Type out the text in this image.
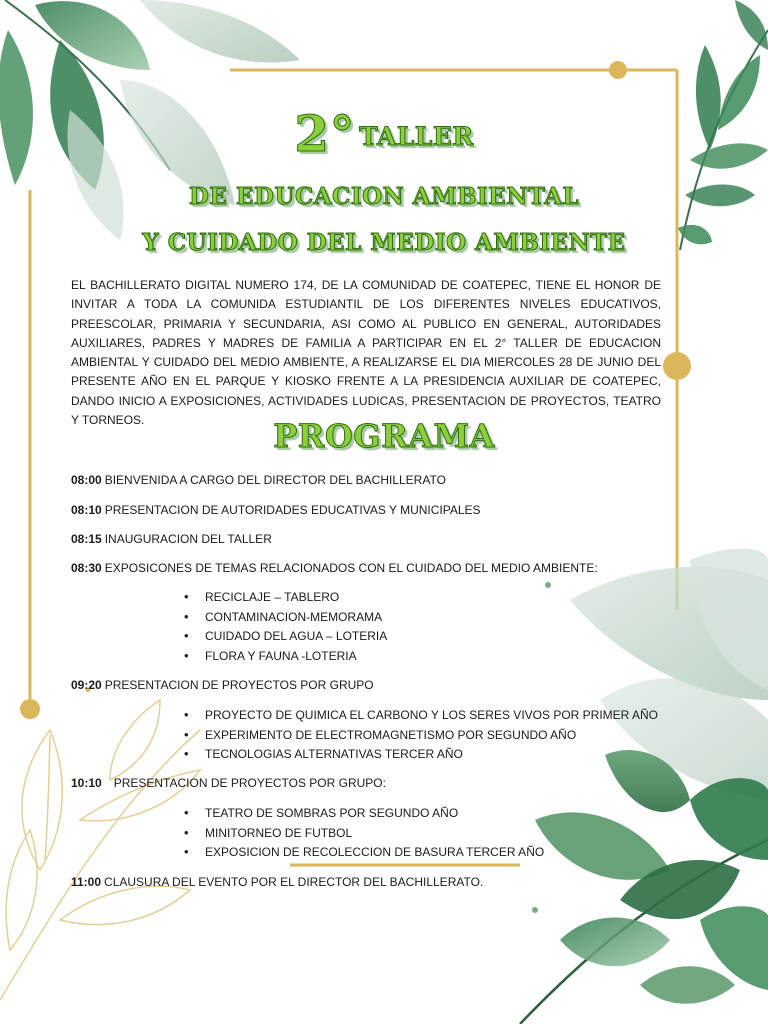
2° TALLER
DE EDUCACION AMBIENTAL
Y CUIDADO DEL MEDIO AMBIENTE
EL BACHILLERATO DIGITAL NUMERO 174, DE LA COMUNIDAD DE COATEPEC, TIENE EL HONOR DE INVITAR A TODA LA COMUNIDA ESTUDIANTIL DE LOS DIFERENTES NIVELES EDUCATIVOS, PREESCOLAR, PRIMARIA Y SECUNDARIA, ASI COMO AL PUBLICO EN GENERAL, AUTORIDADES AUXILIARES, PADRES Y MADRES DE FAMILIA A PARTICIPAR EN EL 2° TALLER DE EDUCACION AMBIENTAL Y CUIDADO DEL MEDIO AMBIENTE, A REALIZARSE EL DIA MIERCOLES 28 DE JUNIO DEL PRESENTE AÑO EN EL PARQUE Y KIOSKO FRENTE A LA PRESIDENCIA AUXILIAR DE COATEPEC, DANDO INICIO A EXPOSICIONES, ACTIVIDADES LUDICAS, PRESENTACION DE PROYECTOS, TEATRO Y TORNEOS.	PROGRAMA
08:00 BIENVENIDA A CARGO DEL DIRECTOR DEL BACHILLERATO
08:10 PRESENTACION DE AUTORIDADES EDUCATIVAS Y MUNICIPALES
08:15 INAUGURACION DEL TALLER
08:30 EXPOSICONES DE TEMAS RELACIONADOS CON EL CUIDADO DEL MEDIO AMBIENTE:
• RECICLAJE – TABLERO
• CONTAMINACION-MEMORAMA
• CUIDADO DEL AGUA – LOTERIA
• FLORA Y FAUNA -LOTERIA
09:20 PRESENTACION DE PROYECTOS POR GRUPO
• PROYECTO DE QUIMICA EL CARBONO Y LOS SERES VIVOS POR PRIMER AÑO
• EXPERIMENTO DE ELECTROMAGNETISMO POR SEGUNDO AÑO
• TECNOLOGIAS ALTERNATIVAS TERCER AÑO
10:10 PRESENTACION DE PROYECTOS POR GRUPO:
• TEATRO DE SOMBRAS POR SEGUNDO AÑO
• MINITORNEO DE FUTBOL
• EXPOSICION DE RECOLECCION DE BASURA TERCER AÑO
11:00 CLAUSURA DEL EVENTO POR EL DIRECTOR DEL BACHILLERATO.
